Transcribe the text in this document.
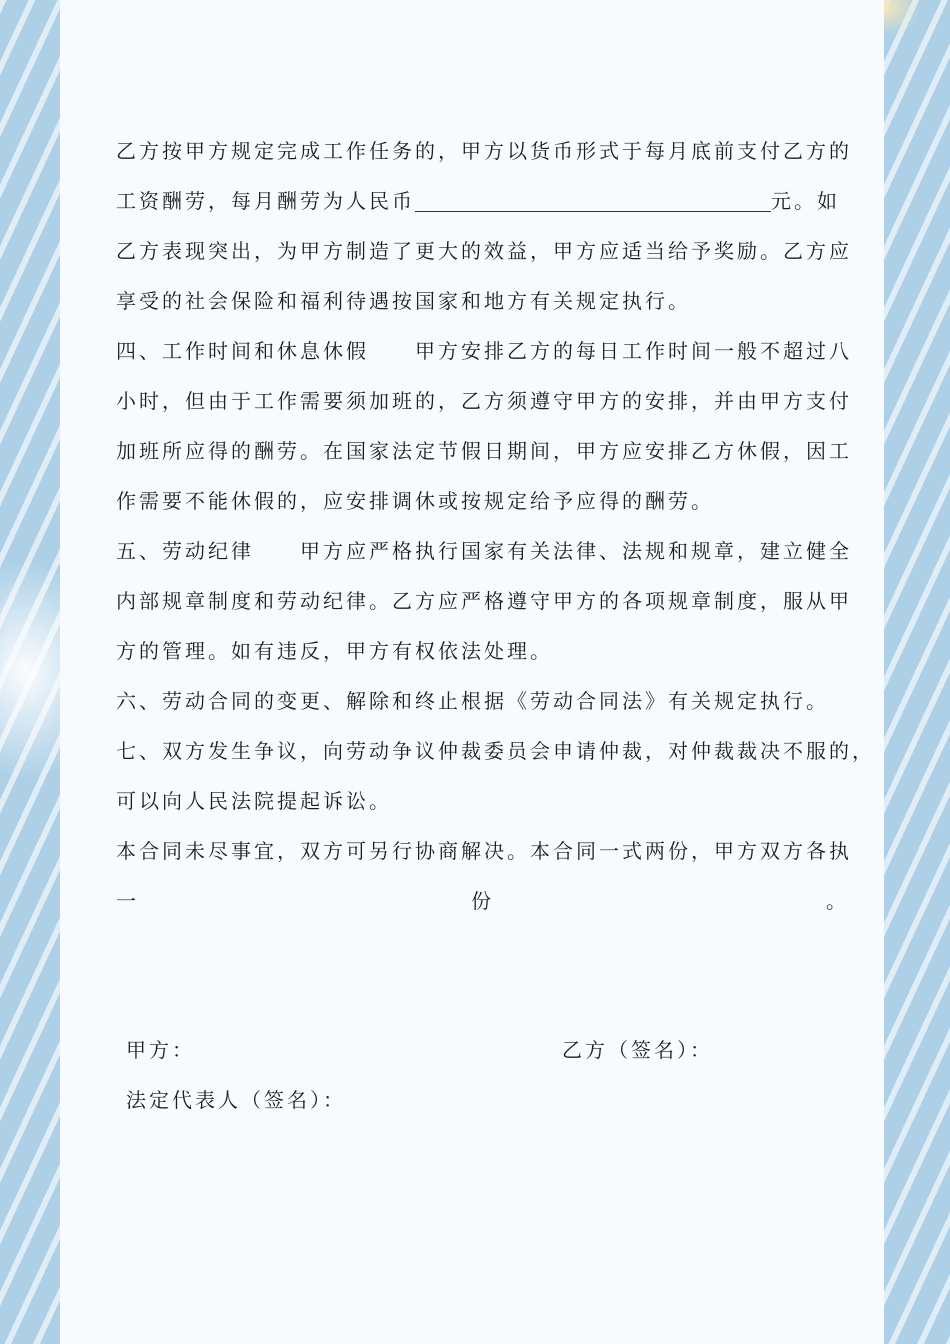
乙方按甲方规定完成工作任务的，甲方以货币形式于每月底前支付乙方的
工资酬劳，每月酬劳为人民币	元。如
乙方表现突出，为甲方制造了更大的效益，甲方应适当给予奖励。乙方应
享受的社会保险和福利待遇按国家和地方有关规定执行。
四、工作时间和休息休假　　甲方安排乙方的每日工作时间一般不超过八
小时，但由于工作需要须加班的，乙方须遵守甲方的安排，并由甲方支付
加班所应得的酬劳。在国家法定节假日期间，甲方应安排乙方休假，因工
作需要不能休假的，应安排调休或按规定给予应得的酬劳。
五、劳动纪律　　甲方应严格执行国家有关法律、法规和规章，建立健全
内部规章制度和劳动纪律。乙方应严格遵守甲方的各项规章制度，服从甲
方的管理。如有违反，甲方有权依法处理。
六、劳动合同的变更、解除和终止根据《劳动合同法》有关规定执行。
七、双方发生争议，向劳动争议仲裁委员会申请仲裁，对仲裁裁决不服的，
可以向人民法院提起诉讼。
本合同未尽事宜，双方可另行协商解决。本合同一式两份，甲方双方各执
一	份	。
甲方：	乙方（签名）：
法定代表人（签名）：
